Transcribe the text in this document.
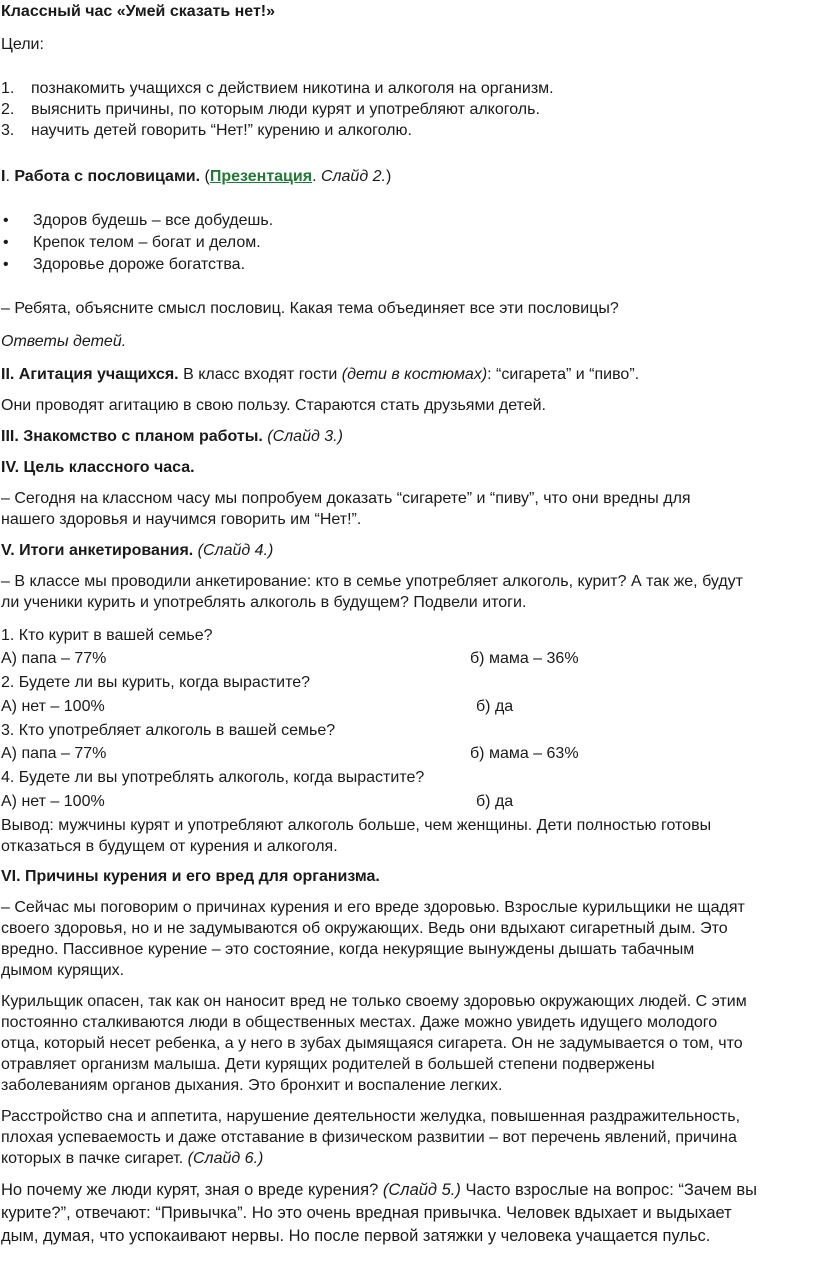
Классный час «Умей сказать нет!»

Цели:

1. познакомить учащихся с действием никотина и алкоголя на организм.

2. выяснить причины, по которым люди курят и употребляют алкоголь.

3. научить детей говорить “Нет!” курению и алкоголю.

I. Работа с пословицами. (Презентация. Слайд 2.)

• Здоров будешь – все добудешь.

• Крепок телом – богат и делом.

• Здоровье дороже богатства.

– Ребята, объясните смысл пословиц. Какая тема объединяет все эти пословицы?

Ответы детей.

II. Агитация учащихся. В класс входят гости (дети в костюмах): “сигарета” и “пиво”.

Они проводят агитацию в свою пользу. Стараются стать друзьями детей.

III. Знакомство с планом работы. (Слайд 3.)

IV. Цель классного часа.

– Сегодня на классном часу мы попробуем доказать “сигарете” и “пиву”, что они вредны для

нашего здоровья и научимся говорить им “Нет!”.

V. Итоги анкетирования. (Слайд 4.)

– В классе мы проводили анкетирование: кто в семье употребляет алкоголь, курит? А так же, будут

ли ученики курить и употреблять алкоголь в будущем? Подвели итоги.

1. Кто курит в вашей семье?

А) папа – 77%	б) мама – 36%

2. Будете ли вы курить, когда вырастите?

А) нет – 100%	б) да

3. Кто употребляет алкоголь в вашей семье?

А) папа – 77%	б) мама – 63%

4. Будете ли вы употреблять алкоголь, когда вырастите?

А) нет – 100%	б) да

Вывод: мужчины курят и употребляют алкоголь больше, чем женщины. Дети полностью готовы

отказаться в будущем от курения и алкоголя.

VI. Причины курения и его вред для организма.

– Сейчас мы поговорим о причинах курения и его вреде здоровью. Взрослые курильщики не щадят

своего здоровья, но и не задумываются об окружающих. Ведь они вдыхают сигаретный дым. Это

вредно. Пассивное курение – это состояние, когда некурящие вынуждены дышать табачным

дымом курящих.

Курильщик опасен, так как он наносит вред не только своему здоровью окружающих людей. С этим

постоянно сталкиваются люди в общественных местах. Даже можно увидеть идущего молодого

отца, который несет ребенка, а у него в зубах дымящаяся сигарета. Он не задумывается о том, что

отравляет организм малыша. Дети курящих родителей в большей степени подвержены

заболеваниям органов дыхания. Это бронхит и воспаление легких.

Расстройство сна и аппетита, нарушение деятельности желудка, повышенная раздражительность,

плохая успеваемость и даже отставание в физическом развитии – вот перечень явлений, причина

которых в пачке сигарет. (Слайд 6.)

Но почему же люди курят, зная о вреде курения? (Слайд 5.) Часто взрослые на вопрос: “Зачем вы

курите?”, отвечают: “Привычка”. Но это очень вредная привычка. Человек вдыхает и выдыхает

дым, думая, что успокаивают нервы. Но после первой затяжки у человека учащается пульс.
